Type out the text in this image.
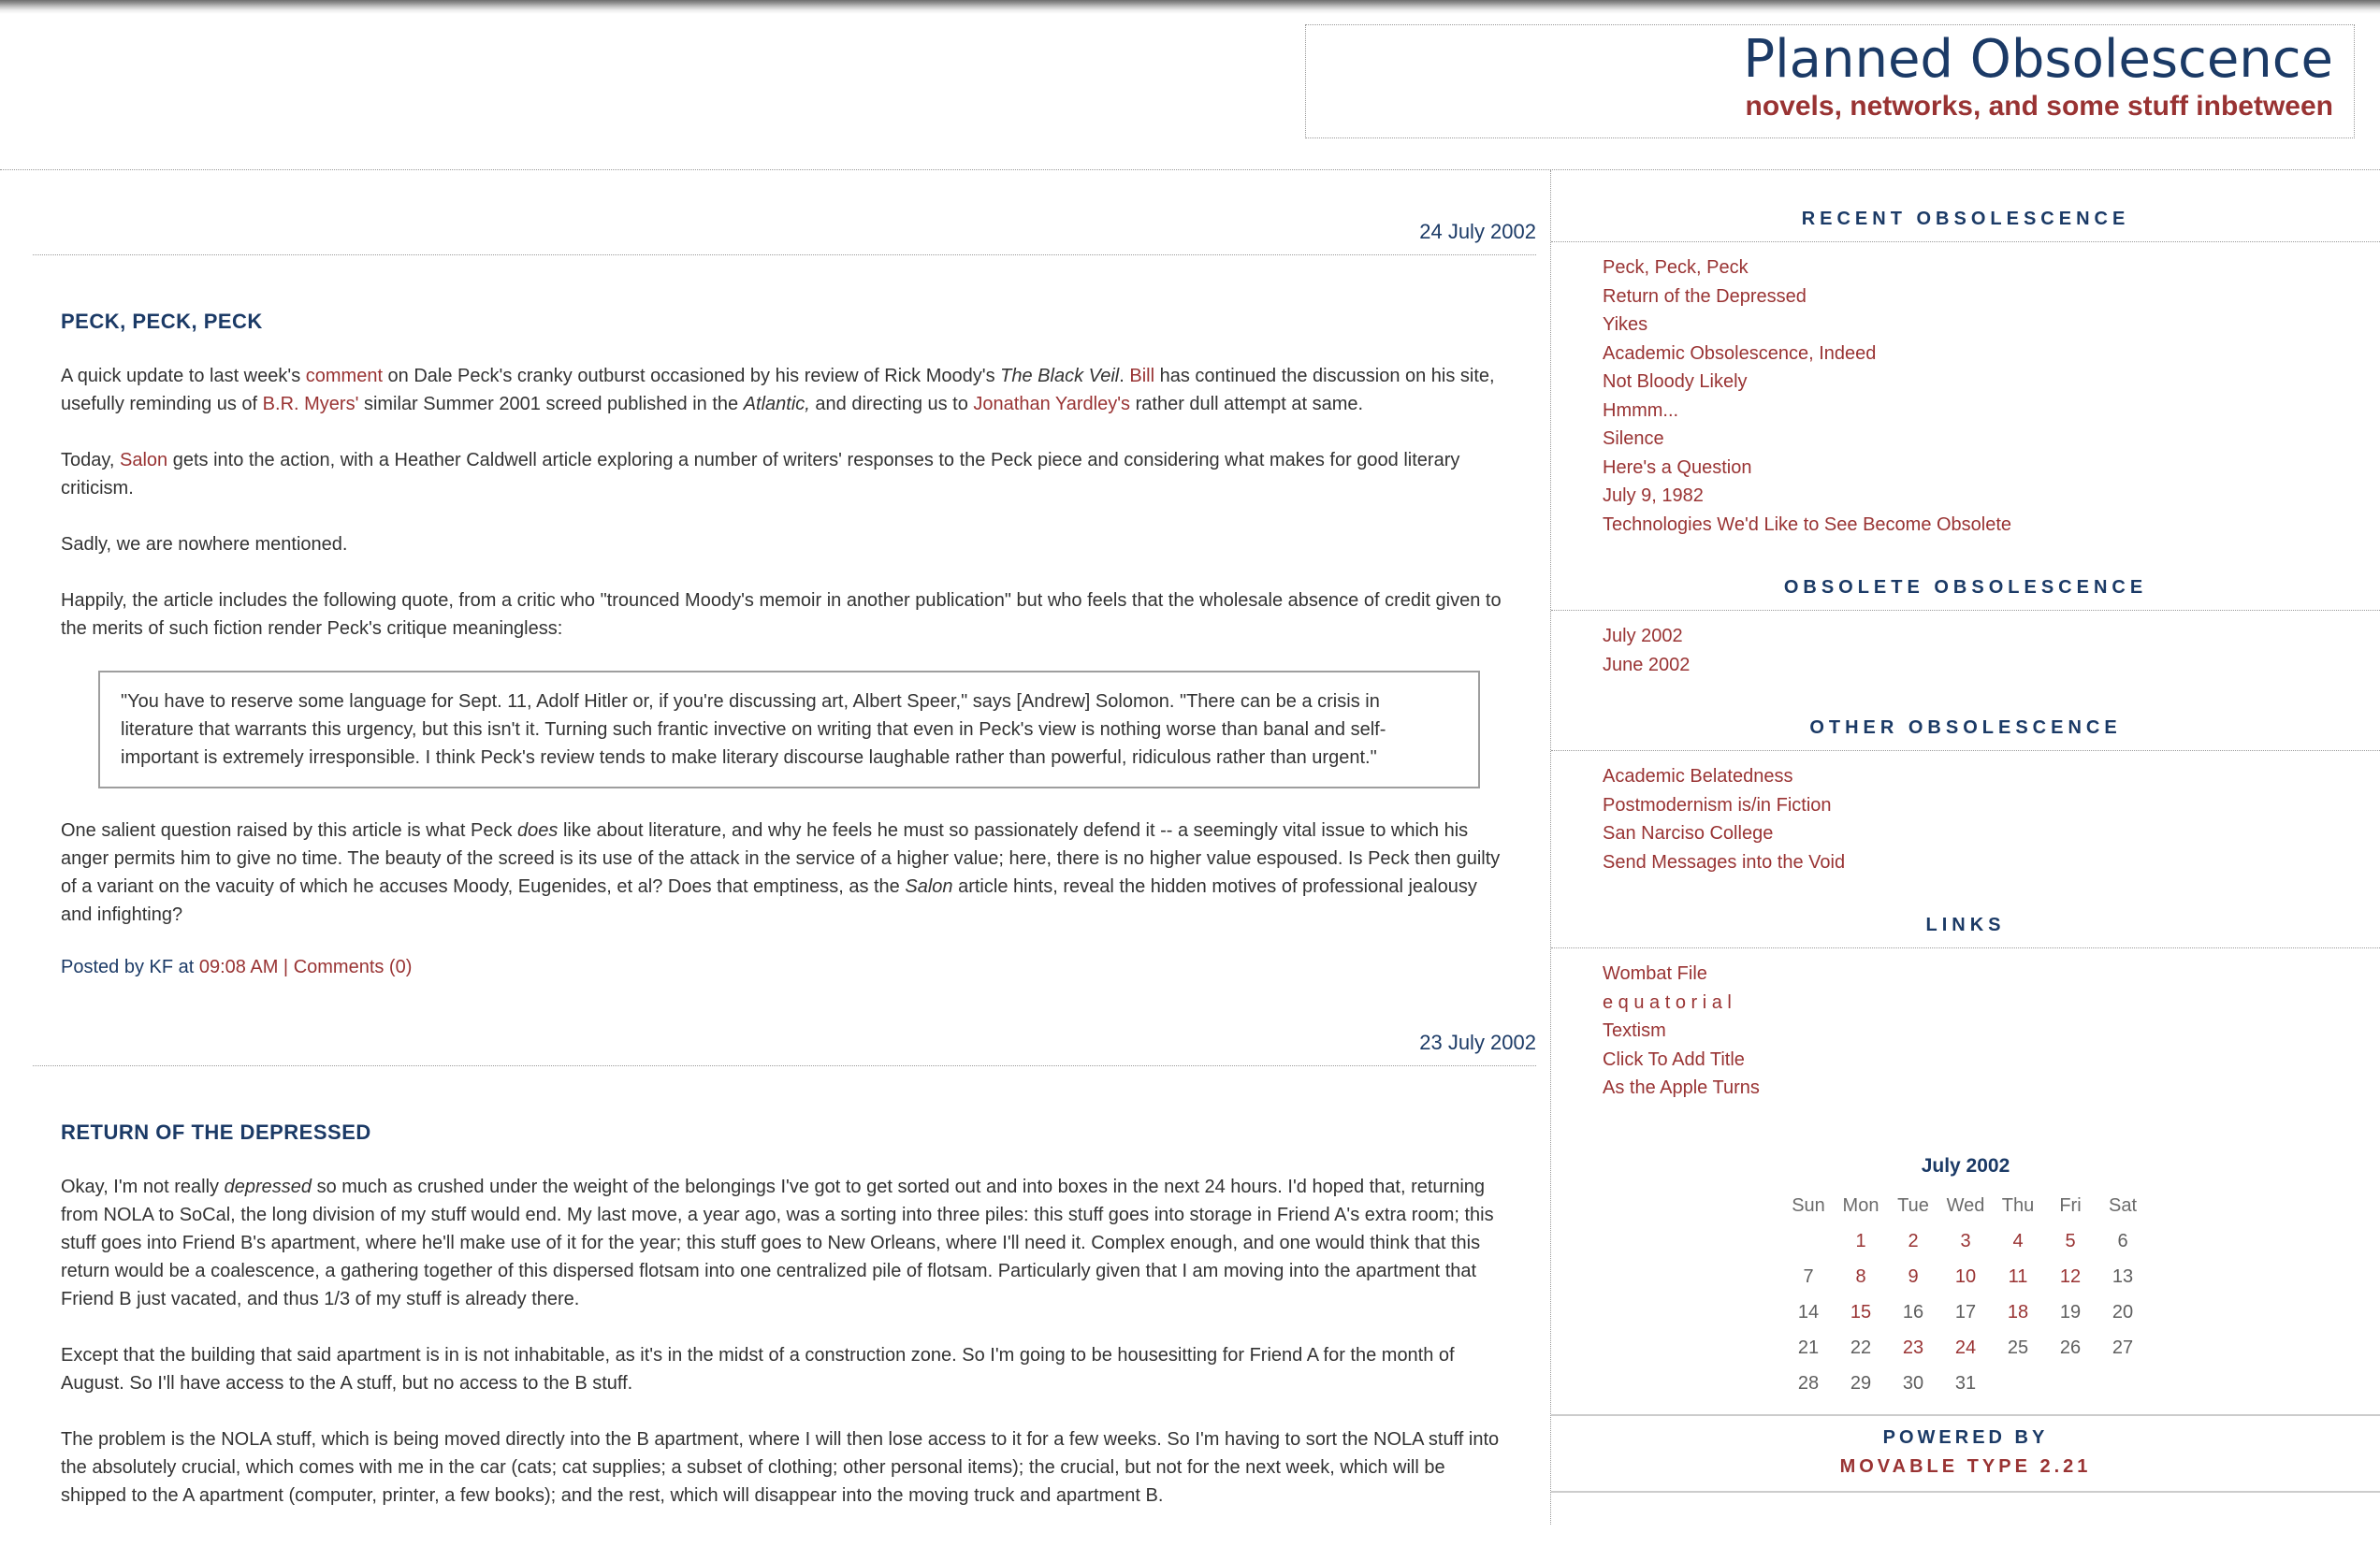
Planned Obsolescence
novels, networks, and some stuff inbetween
24 July 2002
PECK, PECK, PECK

A quick update to last week's comment on Dale Peck's cranky outburst occasioned by his review of Rick Moody's The Black Veil. Bill has continued the discussion on his site, usefully reminding us of B.R. Myers' similar Summer 2001 screed published in the Atlantic, and directing us to Jonathan Yardley's rather dull attempt at same.

Today, Salon gets into the action, with a Heather Caldwell article exploring a number of writers' responses to the Peck piece and considering what makes for good literary criticism.

Sadly, we are nowhere mentioned.

Happily, the article includes the following quote, from a critic who "trounced Moody's memoir in another publication" but who feels that the wholesale absence of credit given to the merits of such fiction render Peck's critique meaningless:

"You have to reserve some language for Sept. 11, Adolf Hitler or, if you're discussing art, Albert Speer," says [Andrew] Solomon. "There can be a crisis in literature that warrants this urgency, but this isn't it. Turning such frantic invective on writing that even in Peck's view is nothing worse than banal and self-important is extremely irresponsible. I think Peck's review tends to make literary discourse laughable rather than powerful, ridiculous rather than urgent."

One salient question raised by this article is what Peck does like about literature, and why he feels he must so passionately defend it -- a seemingly vital issue to which his anger permits him to give no time. The beauty of the screed is its use of the attack in the service of a higher value; here, there is no higher value espoused. Is Peck then guilty of a variant on the vacuity of which he accuses Moody, Eugenides, et al? Does that emptiness, as the Salon article hints, reveal the hidden motives of professional jealousy and infighting?

Posted by KF at 09:08 AM | Comments (0)
23 July 2002
RETURN OF THE DEPRESSED

Okay, I'm not really depressed so much as crushed under the weight of the belongings I've got to get sorted out and into boxes in the next 24 hours. I'd hoped that, returning from NOLA to SoCal, the long division of my stuff would end. My last move, a year ago, was a sorting into three piles: this stuff goes into storage in Friend A's extra room; this stuff goes into Friend B's apartment, where he'll make use of it for the year; this stuff goes to New Orleans, where I'll need it. Complex enough, and one would think that this return would be a coalescence, a gathering together of this dispersed flotsam into one centralized pile of flotsam. Particularly given that I am moving into the apartment that Friend B just vacated, and thus 1/3 of my stuff is already there.

Except that the building that said apartment is in is not inhabitable, as it's in the midst of a construction zone. So I'm going to be housesitting for Friend A for the month of August. So I'll have access to the A stuff, but no access to the B stuff.

The problem is the NOLA stuff, which is being moved directly into the B apartment, where I will then lose access to it for a few weeks. So I'm having to sort the NOLA stuff into the absolutely crucial, which comes with me in the car (cats; cat supplies; a subset of clothing; other personal items); the crucial, but not for the next week, which will be shipped to the A apartment (computer, printer, a few books); and the rest, which will disappear into the moving truck and apartment B.

RECENT OBSOLESCENCE
Peck, Peck, Peck
Return of the Depressed
Yikes
Academic Obsolescence, Indeed
Not Bloody Likely
Hmmm...
Silence
Here's a Question
July 9, 1982
Technologies We'd Like to See Become Obsolete
OBSOLETE OBSOLESCENCE
July 2002
June 2002
OTHER OBSOLESCENCE
Academic Belatedness
Postmodernism is/in Fiction
San Narciso College
Send Messages into the Void
LINKS
Wombat File
e q u a t o r i a l
Textism
Click To Add Title
As the Apple Turns
July 2002
Sun	Mon	Tue	Wed	Thu	Fri	Sat
	1	2	3	4	5	6
7	8	9	10	11	12	13
14	15	16	17	18	19	20
21	22	23	24	25	26	27
28	29	30	31			
POWERED BY
MOVABLE TYPE 2.21
